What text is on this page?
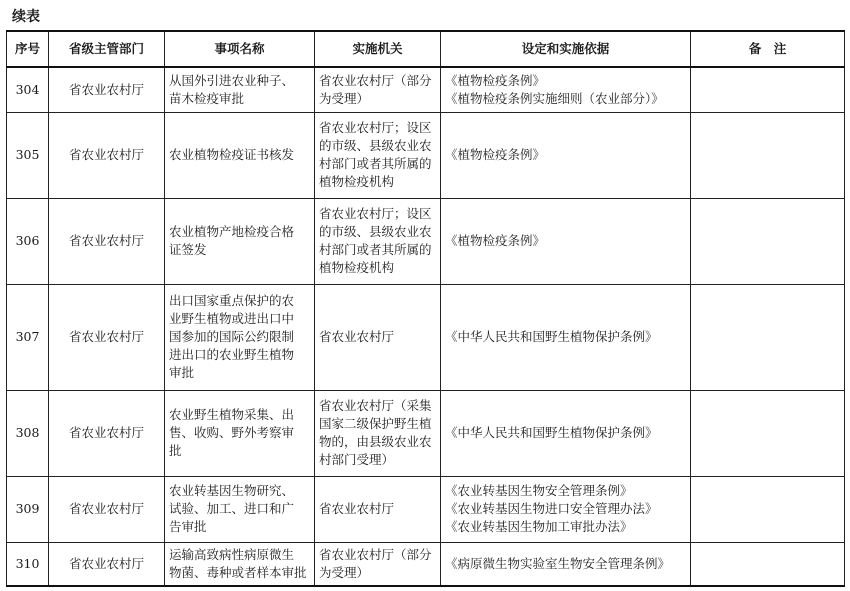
续表
序号	省级主管部门	事项名称	实施机关	设定和实施依据	备　注
304	省农业农村厅	从国外引进农业种子、
苗木检疫审批	省农业农村厅（部分
为受理）	《植物检疫条例》
《植物检疫条例实施细则（农业部分）》	

305	省农业农村厅	农业植物检疫证书核发	省农业农村厅；设区
的市级、县级农业农
村部门或者其所属的
植物检疫机构	《植物检疫条例》	

306	省农业农村厅	农业植物产地检疫合格
证签发	省农业农村厅；设区
的市级、县级农业农
村部门或者其所属的
植物检疫机构	《植物检疫条例》	

307	省农业农村厅	出口国家重点保护的农
业野生植物或进出口中
国参加的国际公约限制
进出口的农业野生植物
审批	省农业农村厅	《中华人民共和国野生植物保护条例》	

308	省农业农村厅	农业野生植物采集、出
售、收购、野外考察审
批	省农业农村厅（采集
国家二级保护野生植
物的，由县级农业农
村部门受理）	《中华人民共和国野生植物保护条例》	

309	省农业农村厅	农业转基因生物研究、
试验、加工、进口和广
告审批	省农业农村厅	《农业转基因生物安全管理条例》
《农业转基因生物进口安全管理办法》
《农业转基因生物加工审批办法》	

310	省农业农村厅	运输高致病性病原微生
物菌、毒种或者样本审批	省农业农村厅（部分
为受理）	《病原微生物实验室生物安全管理条例》	
